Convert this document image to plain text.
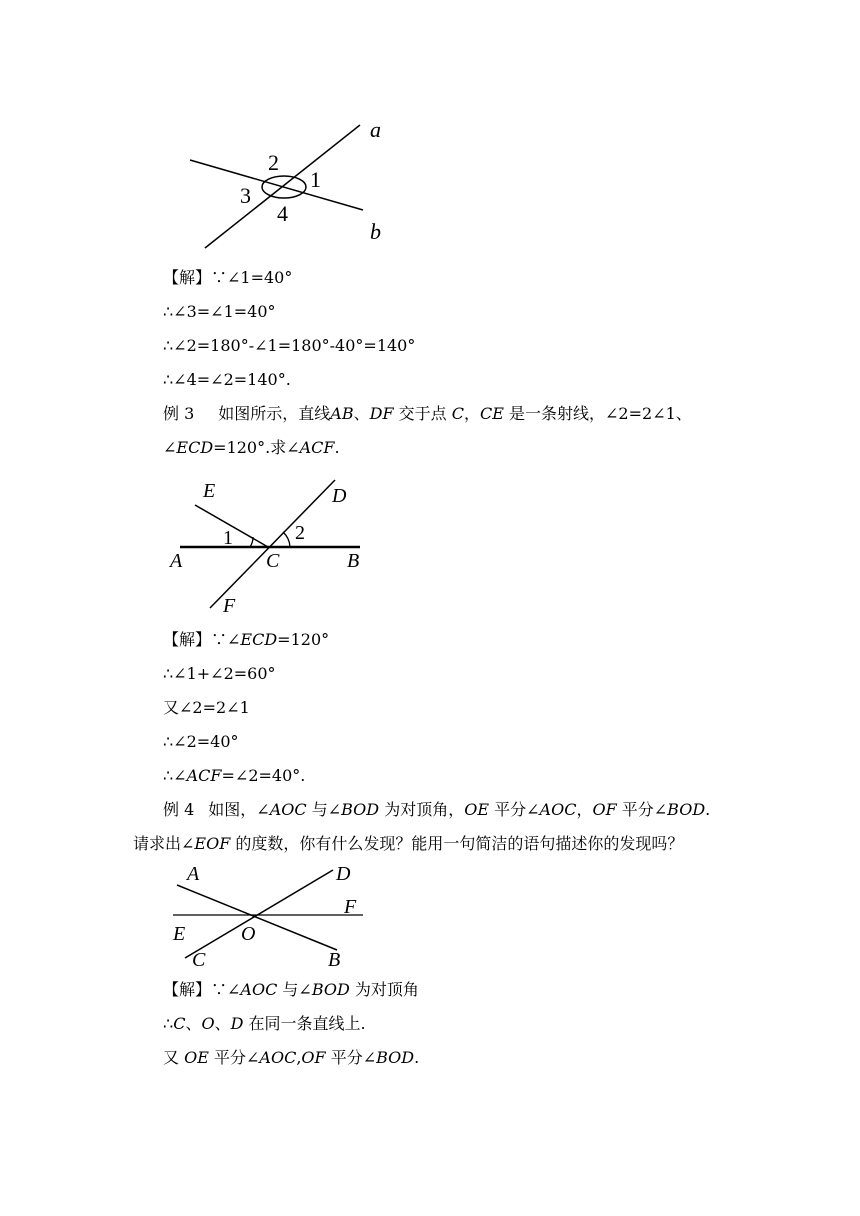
a
b
2
1
3
4
【解】∵∠1=40°
∴∠3=∠1=40°
∴∠2=180°-∠1=180°-40°=140°
∴∠4=∠2=140°.
例 3 如图所示，直线AB、DF 交于点 C，CE 是一条射线，∠2=2∠1、
∠ECD=120°.求∠ACF.
E	D
1	2
A	C	B
F
【解】∵∠ECD=120°
∴∠1+∠2=60°
又∠2=2∠1
∴∠2=40°
∴∠ACF=∠2=40°.
例 4 如图，∠AOC 与∠BOD 为对顶角，OE 平分∠AOC，OF 平分∠BOD.
请求出∠EOF 的度数，你有什么发现？能用一句简洁的语句描述你的发现吗？
A	D
F
E	O
C	B
【解】∵∠AOC 与∠BOD 为对顶角
∴C、O、D 在同一条直线上.
又 OE 平分∠AOC,OF 平分∠BOD.
